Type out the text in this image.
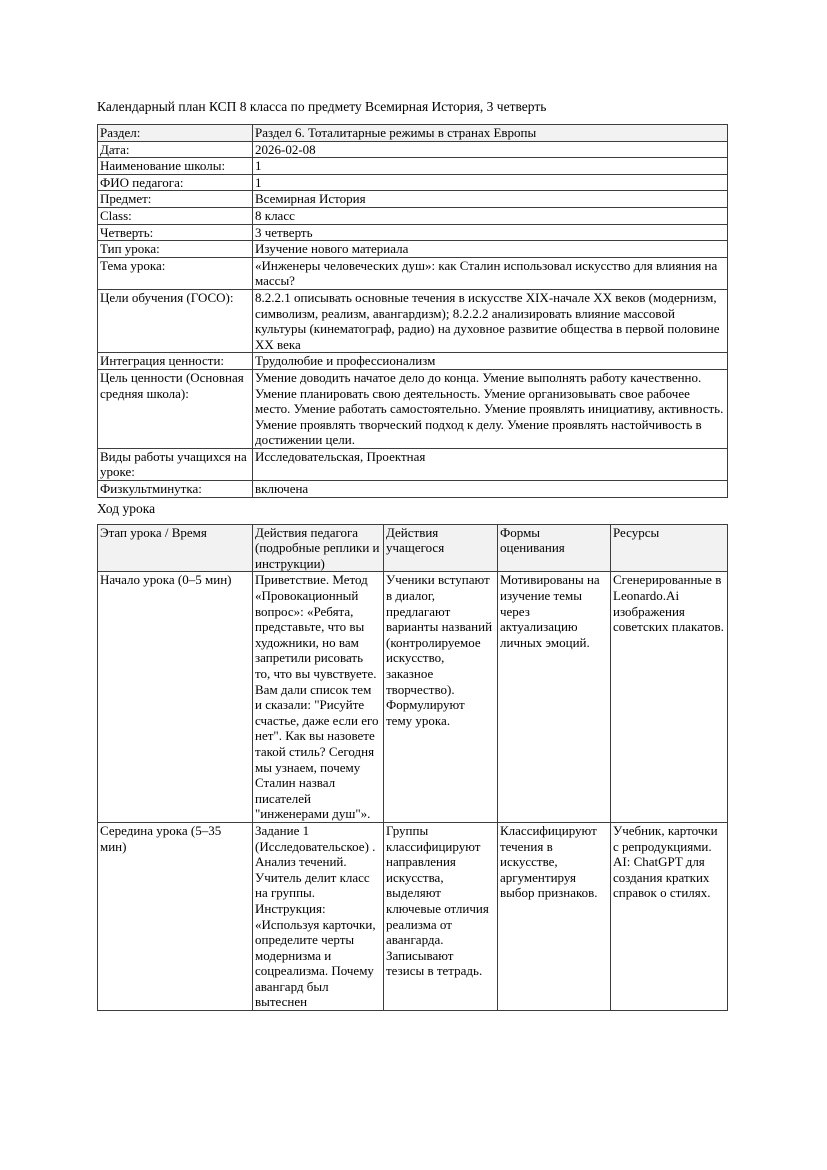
Календарный план КСП 8 класса по предмету Всемирная История, 3 четверть
Раздел:	Раздел 6. Тоталитарные режимы в странах Европы
Дата:	2026-02-08
Наименование школы:	1
ФИО педагога:	1
Предмет:	Всемирная История
Class:	8 класс
Четверть:	3 четверть
Тип урока:	Изучение нового материала
Тема урока:	«Инженеры человеческих душ»: как Сталин использовал искусство для влияния на массы?
Цели обучения (ГОСО):	8.2.2.1 описывать основные течения в искусстве XIX-начале XX веков (модернизм, символизм, реализм, авангардизм); 8.2.2.2 анализировать влияние массовой культуры (кинематограф, радио) на духовное развитие общества в первой половине XX века
Интеграция ценности:	Трудолюбие и профессионализм
Цель ценности (Основная средняя школа):	Умение доводить начатое дело до конца. Умение выполнять работу качественно. Умение планировать свою деятельность. Умение организовывать свое рабочее место. Умение работать самостоятельно. Умение проявлять инициативу, активность. Умение проявлять творческий подход к делу. Умение проявлять настойчивость в достижении цели.
Виды работы учащихся на уроке:	Исследовательская, Проектная
Физкультминутка:	включена
Ход урока
Этап урока / Время	Действия педагога (подробные реплики и инструкции)	Действия учащегося	Формы оценивания	Ресурсы
Начало урока (0–5 мин)	Приветствие. Метод «Провокационный вопрос»: «Ребята, представьте, что вы художники, но вам запретили рисовать то, что вы чувствуете. Вам дали список тем и сказали: "Рисуйте счастье, даже если его нет". Как вы назовете такой стиль? Сегодня мы узнаем, почему Сталин назвал писателей "инженерами душ"».	Ученики вступают в диалог, предлагают варианты названий (контролируемое искусство, заказное творчество). Формулируют тему урока.	Мотивированы на изучение темы через актуализацию личных эмоций.	Сгенерированные в Leonardo.Ai изображения советских плакатов.
Середина урока (5–35 мин)	Задание 1 (Исследовательское) . Анализ течений. Учитель делит класс на группы. Инструкция: «Используя карточки, определите черты модернизма и соцреализма. Почему авангард был вытеснен	Группы классифицируют направления искусства, выделяют ключевые отличия реализма от авангарда. Записывают тезисы в тетрадь.	Классифицируют течения в искусстве, аргументируя выбор признаков.	Учебник, карточки с репродукциями. AI: ChatGPT для создания кратких справок о стилях.
